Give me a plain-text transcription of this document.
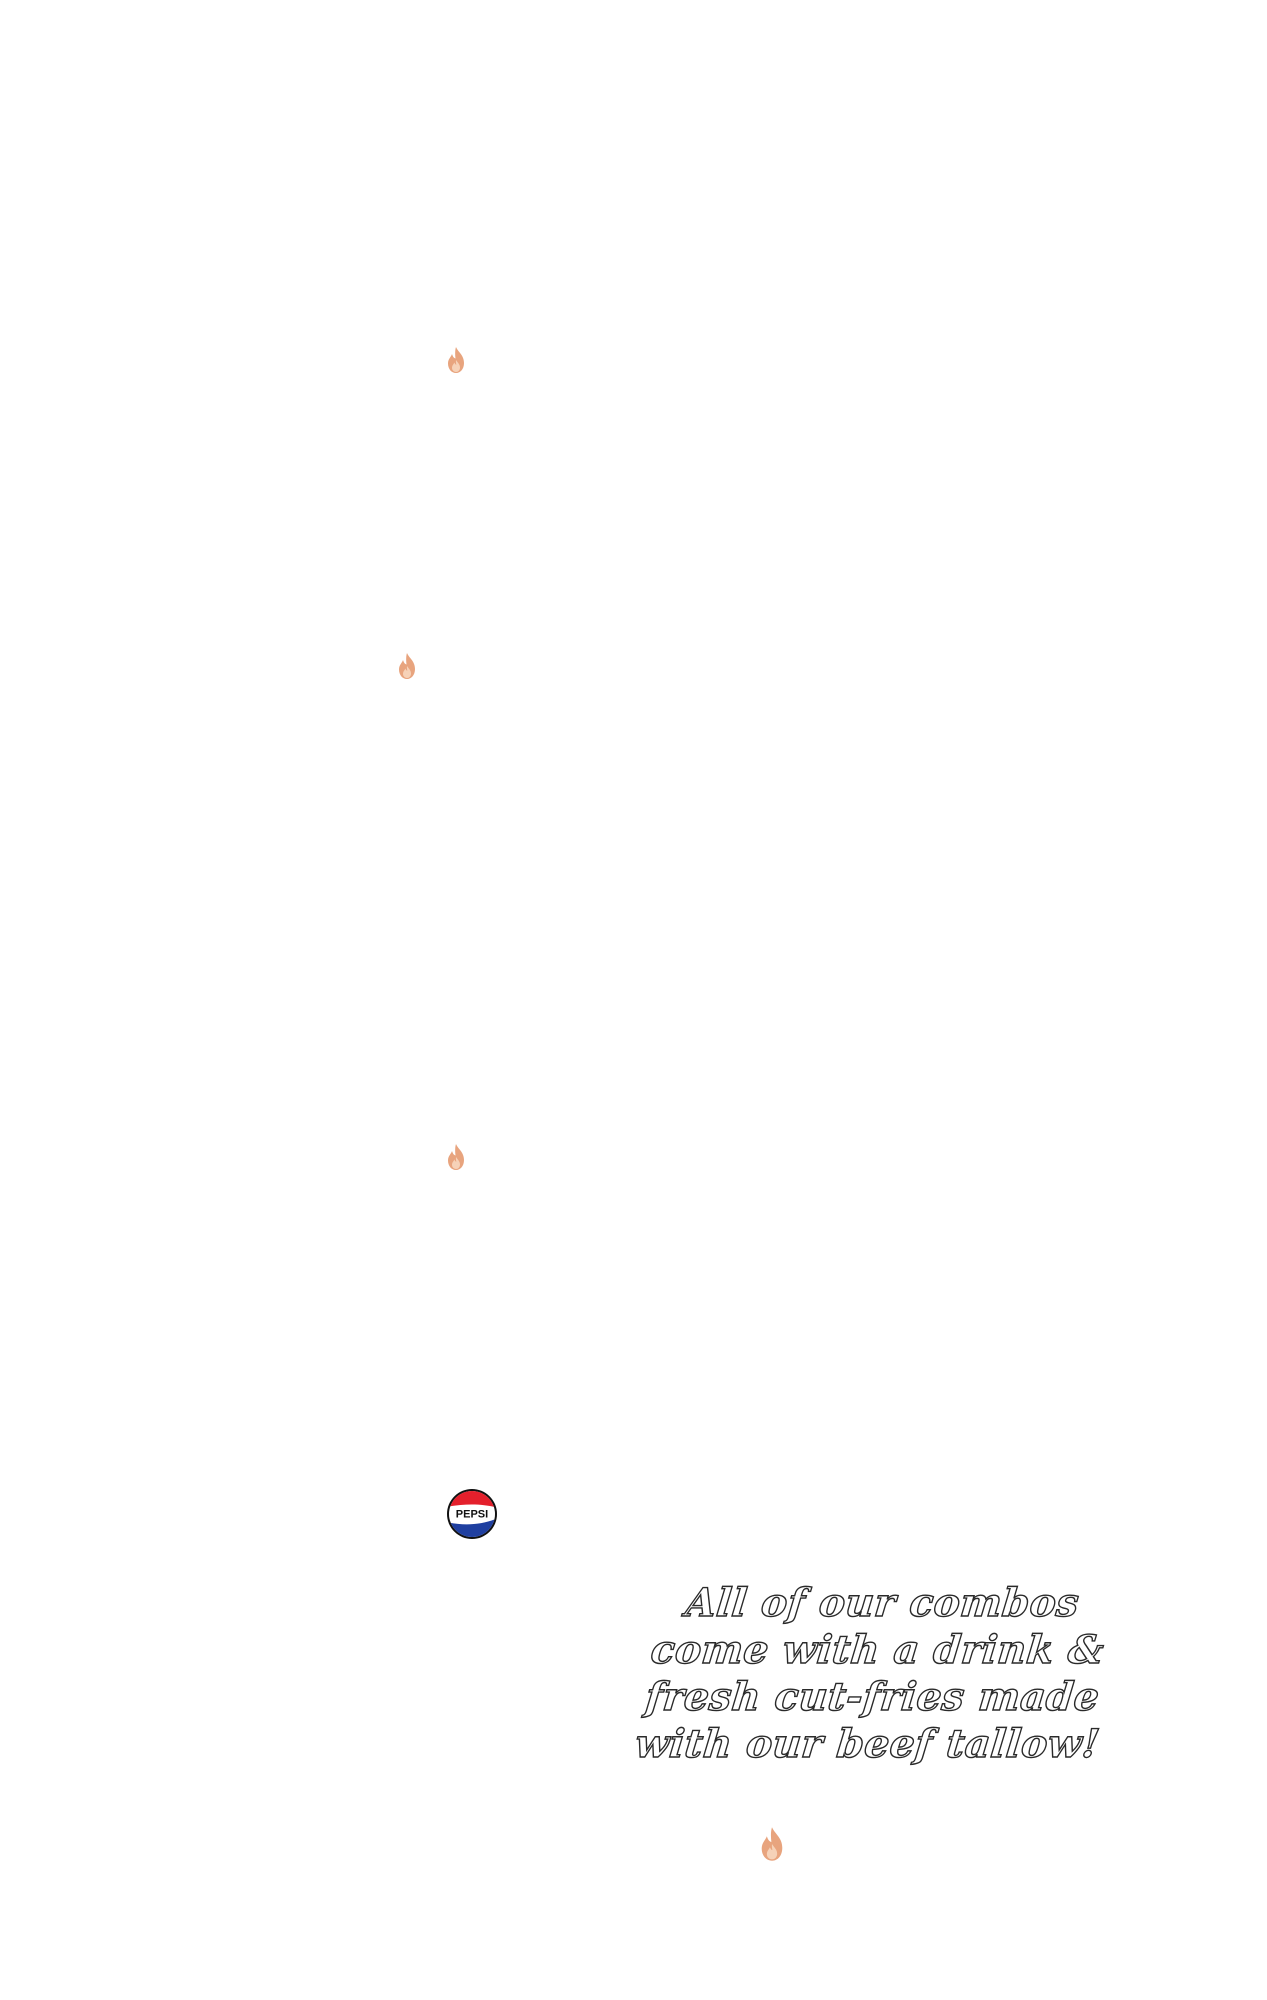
PEPSI
All of our combos
come with a drink &
fresh cut-fries made
with our beef tallow!
